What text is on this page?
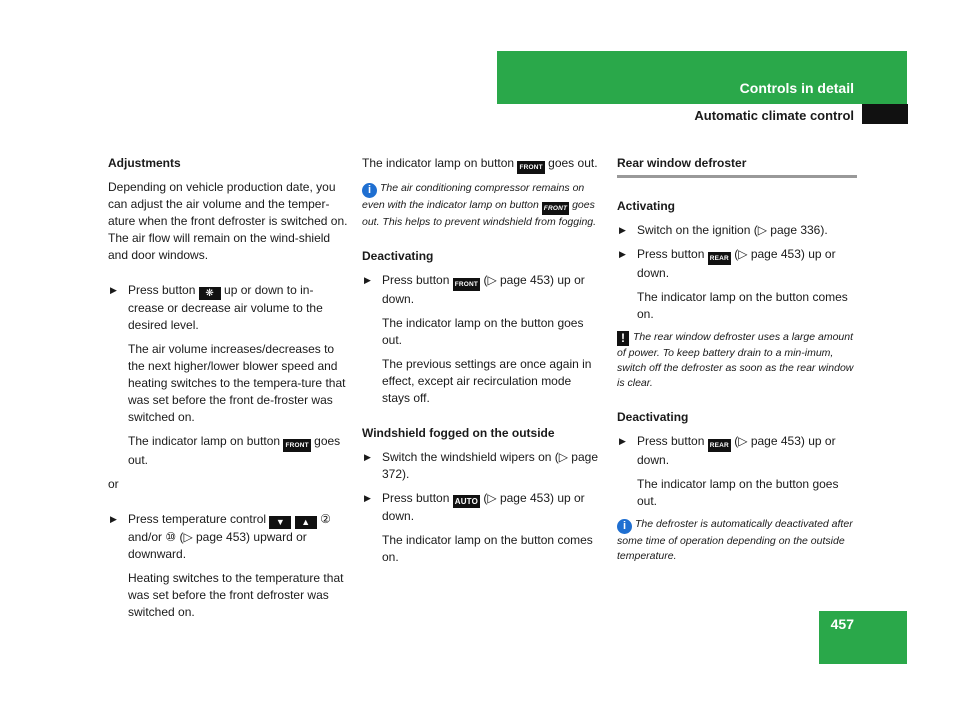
Controls in detail
Automatic climate control

Adjustments

Depending on vehicle production date, you can adjust the air volume and the temper-ature when the front defroster is switched on. The air flow will remain on the wind-shield and door windows.

▶ Press button ❋ up or down to in-crease or decrease air volume to the desired level.

The air volume increases/decreases to the next higher/lower blower speed and heating switches to the tempera-ture that was set before the front de-froster was switched on.

The indicator lamp on button FRONT goes out.

or

▶ Press temperature control ▼ ▲ ② and/or ⑩ (▷ page 453) upward or downward.

Heating switches to the temperature that was set before the front defroster was switched on.

The indicator lamp on button FRONT goes out.

i The air conditioning compressor remains on even with the indicator lamp on button FRONT goes out. This helps to prevent windshield from fogging.

Deactivating

▶ Press button FRONT (▷ page 453) up or down.

The indicator lamp on the button goes out.

The previous settings are once again in effect, except air recirculation mode stays off.

Windshield fogged on the outside

▶ Switch the windshield wipers on (▷ page 372).
▶ Press button AUTO (▷ page 453) up or down.

The indicator lamp on the button comes on.

Rear window defroster

Activating

▶ Switch on the ignition (▷ page 336).
▶ Press button REAR (▷ page 453) up or down.

The indicator lamp on the button comes on.

! The rear window defroster uses a large amount of power. To keep battery drain to a min-imum, switch off the defroster as soon as the rear window is clear.

Deactivating

▶ Press button REAR (▷ page 453) up or down.

The indicator lamp on the button goes out.

i The defroster is automatically deactivated after some time of operation depending on the outside temperature.

457
